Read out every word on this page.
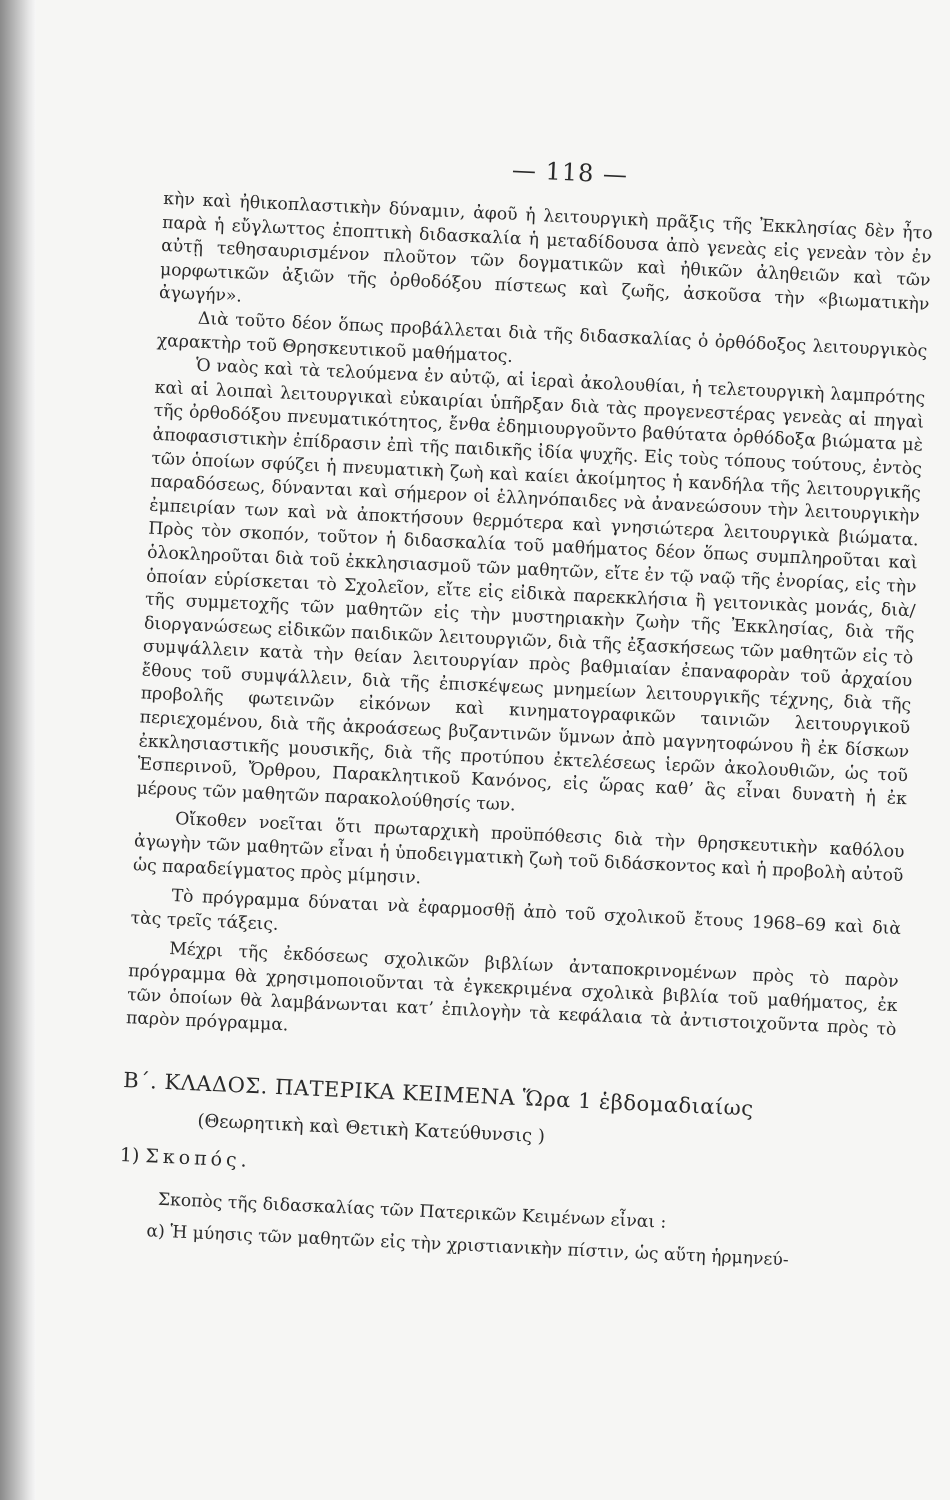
— 118 —

κὴν καὶ ἠθικοπλαστικὴν δύναμιν, ἀφοῦ ἡ λειτουργικὴ πρᾶξις τῆς Ἐκκλησίας δὲν ἦτο παρὰ ἡ εὔγλωττος ἐποπτικὴ διδασκαλία ἡ μεταδίδουσα ἀπὸ γενεὰς εἰς γενεὰν τὸν ἐν αὐτῇ τεθησαυρισμένον πλοῦτον τῶν δογματικῶν καὶ ἠθικῶν ἀληθειῶν καὶ τῶν μορφωτικῶν ἀξιῶν τῆς ὀρθοδόξου πίστεως καὶ ζωῆς, ἀσκοῦσα τὴν «βιωματικὴν ἀγωγήν».

Διὰ τοῦτο δέον ὅπως προβάλλεται διὰ τῆς διδασκαλίας ὁ ὀρθόδοξος λειτουργικὸς χαρακτὴρ τοῦ Θρησκευτικοῦ μαθήματος.

Ὁ ναὸς καὶ τὰ τελούμενα ἐν αὐτῷ, αἱ ἱεραὶ ἀκολουθίαι, ἡ τελετουργικὴ λαμπρότης καὶ αἱ λοιπαὶ λειτουργικαὶ εὐκαιρίαι ὑπῆρξαν διὰ τὰς προγενεστέρας γενεὰς αἱ πηγαὶ τῆς ὀρθοδόξου πνευματικότητος, ἔνθα ἐδημιουργοῦντο βαθύτατα ὀρθόδοξα βιώματα μὲ ἀποφασιστικὴν ἐπίδρασιν ἐπὶ τῆς παιδικῆς ἰδία ψυχῆς. Εἰς τοὺς τόπους τούτους, ἐντὸς τῶν ὁποίων σφύζει ἡ πνευματικὴ ζωὴ καὶ καίει ἀκοίμητος ἡ κανδήλα τῆς λειτουργικῆς παραδόσεως, δύνανται καὶ σήμερον οἱ ἑλληνόπαιδες νὰ ἀνανεώσουν τὴν λειτουργικὴν ἐμπειρίαν των καὶ νὰ ἀποκτήσουν θερμότερα καὶ γνησιώτερα λειτουργικὰ βιώματα. Πρὸς τὸν σκοπόν, τοῦτον ἡ διδασκαλία τοῦ μαθήματος δέον ὅπως συμπληροῦται καὶ ὁλοκληροῦται διὰ τοῦ ἐκκλησιασμοῦ τῶν μαθητῶν, εἴτε ἐν τῷ ναῷ τῆς ἐνορίας, εἰς τὴν ὁποίαν εὑρίσκεται τὸ Σχολεῖον, εἴτε εἰς εἰδικὰ παρεκκλήσια ἢ γειτονικὰς μονάς, διὰ/τῆς συμμετοχῆς τῶν μαθητῶν εἰς τὴν μυστηριακὴν ζωὴν τῆς Ἐκκλησίας, διὰ τῆς διοργανώσεως εἰδικῶν παιδικῶν λειτουργιῶν, διὰ τῆς ἐξασκήσεως τῶν μαθητῶν εἰς τὸ συμψάλλειν κατὰ τὴν θείαν λειτουργίαν πρὸς βαθμιαίαν ἐπαναφορὰν τοῦ ἀρχαίου ἔθους τοῦ συμψάλλειν, διὰ τῆς ἐπισκέψεως μνημείων λειτουργικῆς τέχνης, διὰ τῆς προβολῆς φωτεινῶν εἰκόνων καὶ κινηματογραφικῶν ταινιῶν λειτουργικοῦ περιεχομένου, διὰ τῆς ἀκροάσεως βυζαντινῶν ὕμνων ἀπὸ μαγνητοφώνου ἢ ἐκ δίσκων ἐκκλησιαστικῆς μουσικῆς, διὰ τῆς προτύπου ἐκτελέσεως ἱερῶν ἀκολουθιῶν, ὡς τοῦ Ἑσπερινοῦ, Ὄρθρου, Παρακλητικοῦ Κανόνος, εἰς ὥρας καθ’ ἃς εἶναι δυνατὴ ἡ ἐκ μέρους τῶν μαθητῶν παρακολούθησίς των.

Οἴκοθεν νοεῖται ὅτι πρωταρχικὴ προϋπόθεσις διὰ τὴν θρησκευτικὴν καθόλου ἀγωγὴν τῶν μαθητῶν εἶναι ἡ ὑποδειγματικὴ ζωὴ τοῦ διδάσκοντος καὶ ἡ προβολὴ αὐτοῦ ὡς παραδείγματος πρὸς μίμησιν.

Τὸ πρόγραμμα δύναται νὰ ἐφαρμοσθῇ ἀπὸ τοῦ σχολικοῦ ἔτους 1968–69 καὶ διὰ τὰς τρεῖς τάξεις.

Μέχρι τῆς ἐκδόσεως σχολικῶν βιβλίων ἀνταποκρινομένων πρὸς τὸ παρὸν πρόγραμμα θὰ χρησιμοποιοῦνται τὰ ἐγκεκριμένα σχολικὰ βιβλία τοῦ μαθήματος, ἐκ τῶν ὁποίων θὰ λαμβάνωνται κατ’ ἐπιλογὴν τὰ κεφάλαια τὰ ἀντιστοιχοῦντα πρὸς τὸ παρὸν πρόγραμμα.

Β΄. ΚΛΑΔΟΣ. ΠΑΤΕΡΙΚΑ ΚΕΙΜΕΝΑ Ὥρα 1 ἑβδομαδιαίως
(Θεωρητικὴ καὶ Θετικὴ Κατεύθυνσις )
1) Σκοπός.
Σκοπὸς τῆς διδασκαλίας τῶν Πατερικῶν Κειμένων εἶναι :
α) Ἡ μύησις τῶν μαθητῶν εἰς τὴν χριστιανικὴν πίστιν, ὡς αὕτη ἡρμηνεύ-
